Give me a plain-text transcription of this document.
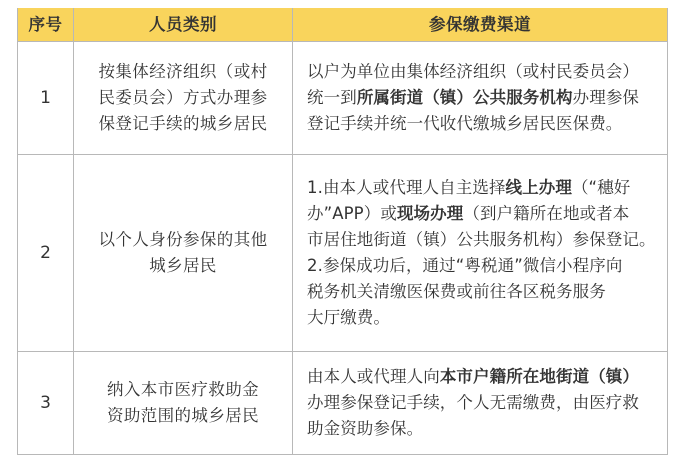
序号	人员类别	参保缴费渠道
1
按集体经济组织（或村
民委员会）方式办理参
保登记手续的城乡居民
以户为单位由集体经济组织（或村民委员会）
统一到所属街道（镇）公共服务机构办理参保
登记手续并统一代收代缴城乡居民医保费。
2
以个人身份参保的其他
城乡居民
1.由本人或代理人自主选择线上办理（“穗好
办”APP）或现场办理（到户籍所在地或者本
市居住地街道（镇）公共服务机构）参保登记。
2.参保成功后，通过“粤税通”微信小程序向
税务机关清缴医保费或前往各区税务服务
大厅缴费。
3
纳入本市医疗救助金
资助范围的城乡居民
由本人或代理人向本市户籍所在地街道（镇）
办理参保登记手续，个人无需缴费，由医疗救
助金资助参保。
